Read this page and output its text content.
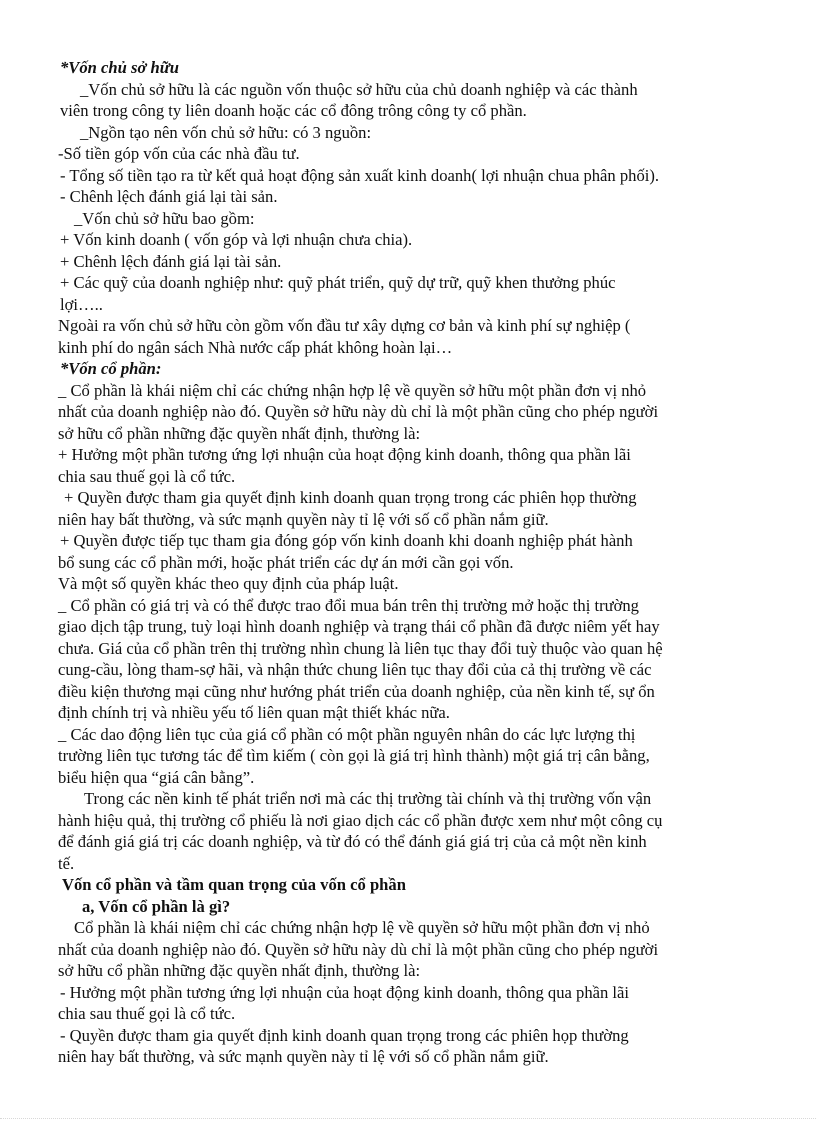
*Vốn chủ sở hữu
_Vốn chủ sở hữu là các nguồn vốn thuộc sở hữu của chủ doanh nghiệp và các thành
viên trong công ty liên doanh hoặc các cổ đông trông công ty cổ phần.
_Ngồn tạo nên vốn chủ sở hữu: có 3 nguồn:
-Số tiền góp vốn của các nhà đầu tư.
- Tổng số tiền tạo ra từ kết quả hoạt động sản xuất kinh doanh( lợi nhuận chua phân phối).
- Chênh lệch đánh giá lại tài sản.
_Vốn chủ sở hữu bao gồm:
+ Vốn kinh doanh ( vốn góp và lợi nhuận chưa chia).
+ Chênh lệch đánh giá lại tài sản.
+ Các quỹ của doanh nghiệp như: quỹ phát triển, quỹ dự trữ, quỹ khen thưởng phúc
lợi…..
Ngoài ra vốn chủ sở hữu còn gồm vốn đầu tư xây dựng cơ bản và kinh phí sự nghiệp (
kinh phí do ngân sách Nhà nước cấp phát không hoàn lại…
*Vốn cổ phần:
_ Cổ phần là khái niệm chỉ các chứng nhận hợp lệ về quyền sở hữu một phần đơn vị nhỏ
nhất của doanh nghiệp nào đó. Quyền sở hữu này dù chỉ là một phần cũng cho phép người
sở hữu cổ phần những đặc quyền nhất định, thường là:
+ Hưởng một phần tương ứng lợi nhuận của hoạt động kinh doanh, thông qua phần lãi
chia sau thuế gọi là cổ tức.
+ Quyền được tham gia quyết định kinh doanh quan trọng trong các phiên họp thường
niên hay bất thường, và sức mạnh quyền này tỉ lệ với số cổ phần nắm giữ.
+ Quyền được tiếp tục tham gia đóng góp vốn kinh doanh khi doanh nghiệp phát hành
bổ sung các cổ phần mới, hoặc phát triển các dự án mới cần gọi vốn.
Và một số quyền khác theo quy định của pháp luật.
_ Cổ phần có giá trị và có thể được trao đổi mua bán trên thị trường mở hoặc thị trường
giao dịch tập trung, tuỳ loại hình doanh nghiệp và trạng thái cổ phần đã được niêm yết hay
chưa. Giá của cổ phần trên thị trường nhìn chung là liên tục thay đổi tuỳ thuộc vào quan hệ
cung-cầu, lòng tham-sợ hãi, và nhận thức chung liên tục thay đổi của cả thị trường về các
điều kiện thương mại cũng như hướng phát triển của doanh nghiệp, của nền kinh tế, sự ổn
định chính trị và nhiều yếu tố liên quan mật thiết khác nữa.
_ Các dao động liên tục của giá cổ phần có một phần nguyên nhân do các lực lượng thị
trường liên tục tương tác để tìm kiếm ( còn gọi là giá trị hình thành) một giá trị cân bằng,
biểu hiện qua “giá cân bằng”.
Trong các nền kinh tế phát triển nơi mà các thị trường tài chính và thị trường vốn vận
hành hiệu quả, thị trường cổ phiếu là nơi giao dịch các cổ phần được xem như một công cụ
để đánh giá giá trị các doanh nghiệp, và từ đó có thể đánh giá giá trị của cả một nền kinh
tế.
Vốn cổ phần và tầm quan trọng của vốn cổ phần
a, Vốn cổ phần là gì?
Cổ phần là khái niệm chỉ các chứng nhận hợp lệ về quyền sở hữu một phần đơn vị nhỏ
nhất của doanh nghiệp nào đó. Quyền sở hữu này dù chỉ là một phần cũng cho phép người
sở hữu cổ phần những đặc quyền nhất định, thường là:
- Hưởng một phần tương ứng lợi nhuận của hoạt động kinh doanh, thông qua phần lãi
chia sau thuế gọi là cổ tức.
- Quyền được tham gia quyết định kinh doanh quan trọng trong các phiên họp thường
niên hay bất thường, và sức mạnh quyền này tỉ lệ với số cổ phần nắm giữ.
